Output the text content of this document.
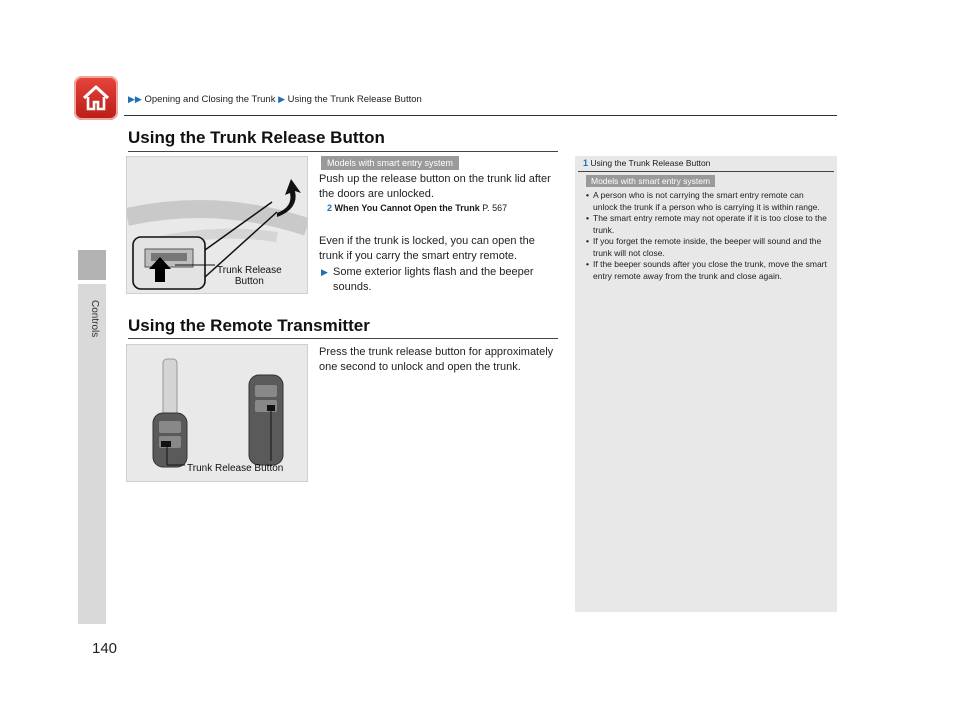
Controls
▶▶ Opening and Closing the Trunk ▶ Using the Trunk Release Button
Using the Trunk Release Button
Trunk Release
Button
Models with smart entry system
Push up the release button on the trunk lid after the doors are unlocked.
2 When You Cannot Open the Trunk P. 567
Even if the trunk is locked, you can open the trunk if you carry the smart entry remote.
▶ Some exterior lights flash and the beeper sounds.
Using the Remote Transmitter
Trunk Release Button
Press the trunk release button for approximately one second to unlock and open the trunk.
1 Using the Trunk Release Button
Models with smart entry system
• A person who is not carrying the smart entry remote can unlock the trunk if a person who is carrying it is within range.
• The smart entry remote may not operate if it is too close to the trunk.
• If you forget the remote inside, the beeper will sound and the trunk will not close.
• If the beeper sounds after you close the trunk, move the smart entry remote away from the trunk and close again.
140
